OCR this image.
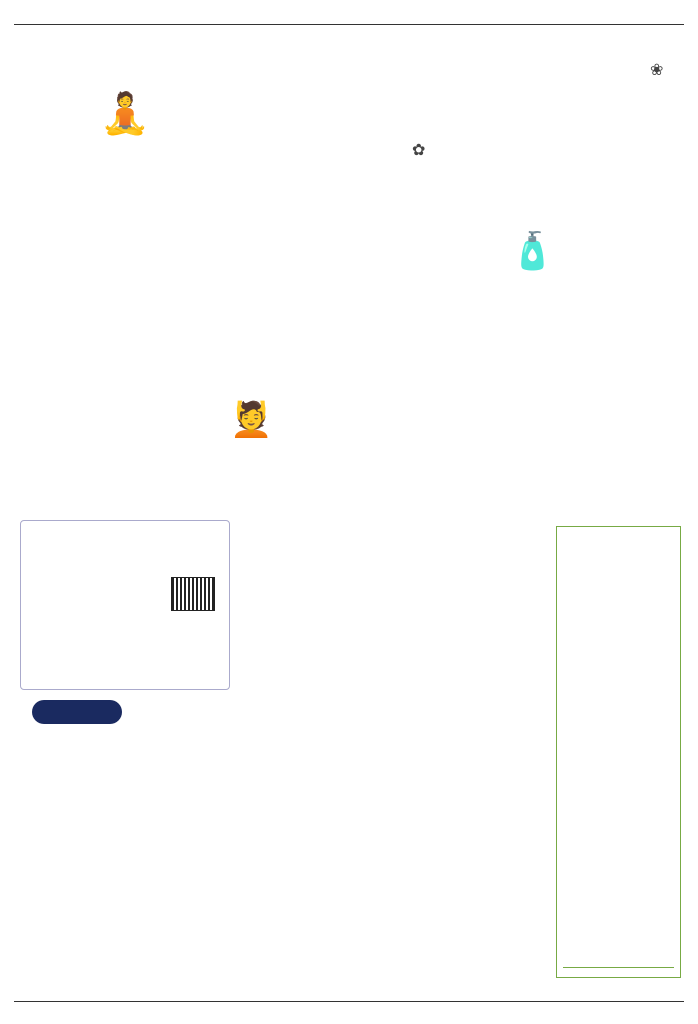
✿
❀
🧘
🧴
💆
